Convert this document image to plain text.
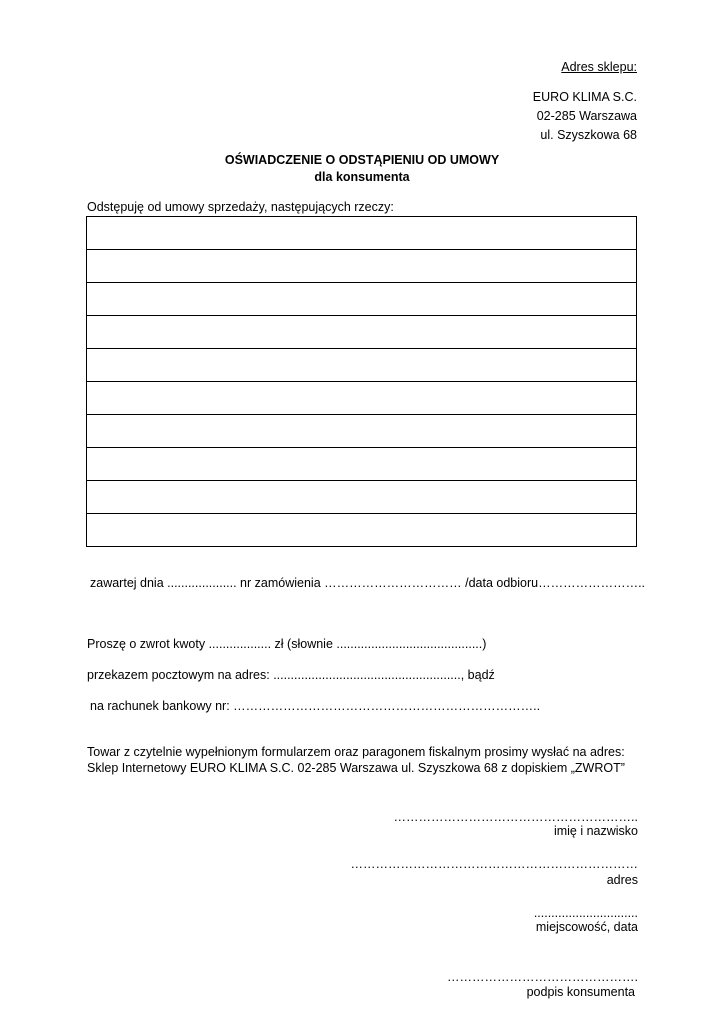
Adres sklepu:
EURO KLIMA S.C.
02-285 Warszawa
ul. Szyszkowa 68
OŚWIADCZENIE O ODSTĄPIENIU OD UMOWY
dla konsumenta
Odstępuję od umowy sprzedaży, następujących rzeczy:

zawartej dnia .................... nr zamówienia …………………………… /data odbioru……………………..
Proszę o zwrot kwoty .................. zł (słownie ..........................................)
przekazem pocztowym na adres: ......................................................, bądź
na rachunek bankowy nr: ………………………………………………………………..
Towar z czytelnie wypełnionym formularzem oraz paragonem fiskalnym prosimy wysłać na adres:
Sklep Internetowy EURO KLIMA S.C. 02-285 Warszawa ul. Szyszkowa 68 z dopiskiem „ZWROT”
…………………………………………………..
imię i nazwisko
……………………………………………………………
adres
..............................
miejscowość, data
……………………………………….
podpis konsumenta
